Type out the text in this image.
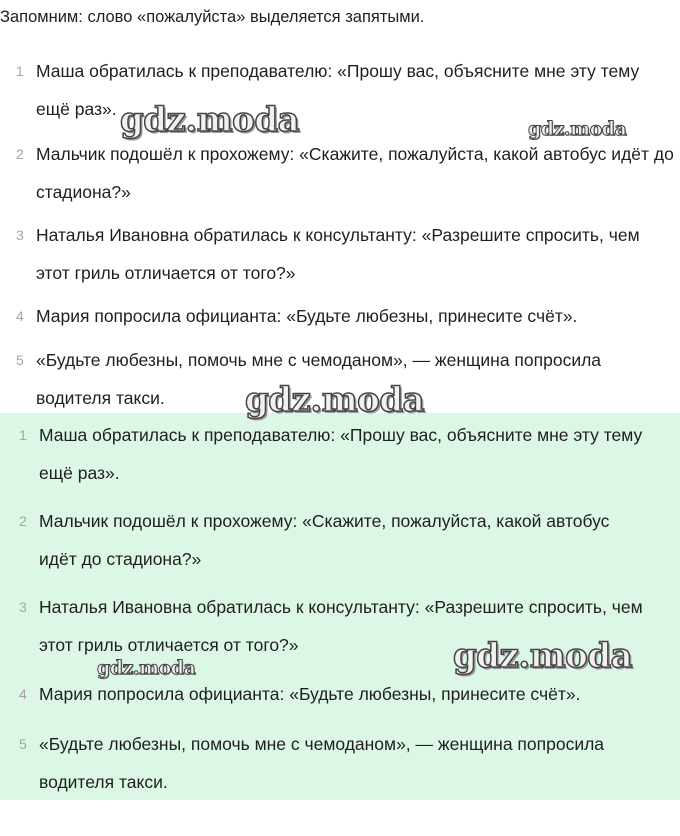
Запомним: слово «пожалуйста» выделяется запятыми.

1 Маша обратилась к преподавателю: «Прошу вас, объясните мне эту тему ещё раз».
2 Мальчик подошёл к прохожему: «Скажите, пожалуйста, какой автобус идёт до стадиона?»
3 Наталья Ивановна обратилась к консультанту: «Разрешите спросить, чем этот гриль отличается от того?»
4 Мария попросила официанта: «Будьте любезны, принесите счёт».
5 «Будьте любезны, помочь мне с чемоданом», — женщина попросила водителя такси.
1 Маша обратилась к преподавателю: «Прошу вас, объясните мне эту тему ещё раз».
2 Мальчик подошёл к прохожему: «Скажите, пожалуйста, какой автобус идёт до стадиона?»
3 Наталья Ивановна обратилась к консультанту: «Разрешите спросить, чем этот гриль отличается от того?»
4 Мария попросила официанта: «Будьте любезны, принесите счёт».
5 «Будьте любезны, помочь мне с чемоданом», — женщина попросила водителя такси.
gdz.moda	gdz.moda
gdz.moda
gdz.moda	gdz.moda
